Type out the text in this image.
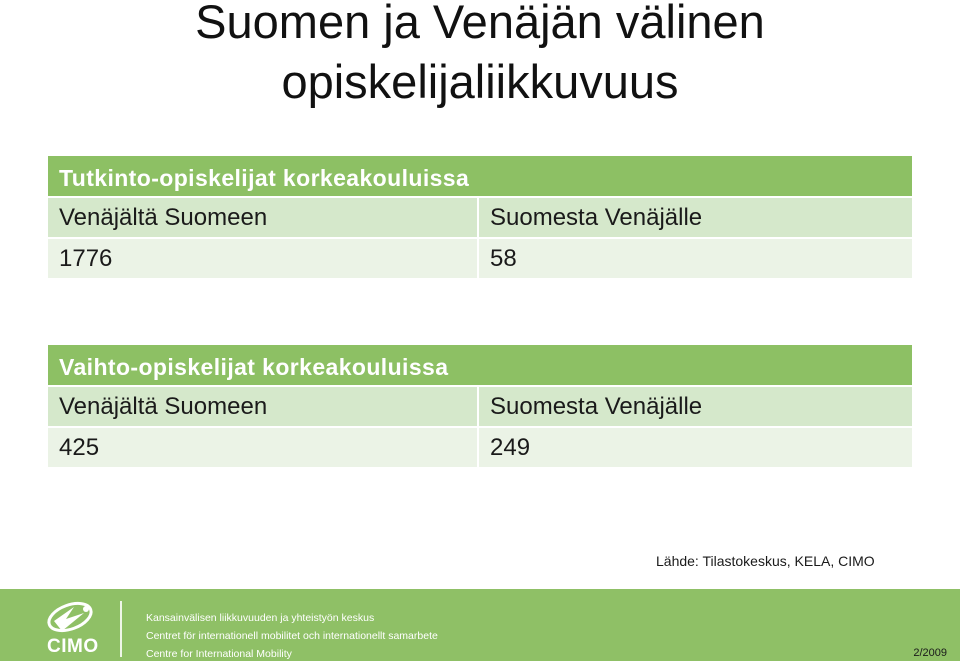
Suomen ja Venäjän välinen
opiskelijaliikkuvuus
Tutkinto-opiskelijat korkeakouluissa
Venäjältä Suomeen	Suomesta Venäjälle
1776	58
Vaihto-opiskelijat korkeakouluissa
Venäjältä Suomeen	Suomesta Venäjälle
425	249
Lähde: Tilastokeskus, KELA, CIMO
CIMO
Kansainvälisen liikkuvuuden ja yhteistyön keskus
Centret för internationell mobilitet och internationellt samarbete
Centre for International Mobility	2/2009
